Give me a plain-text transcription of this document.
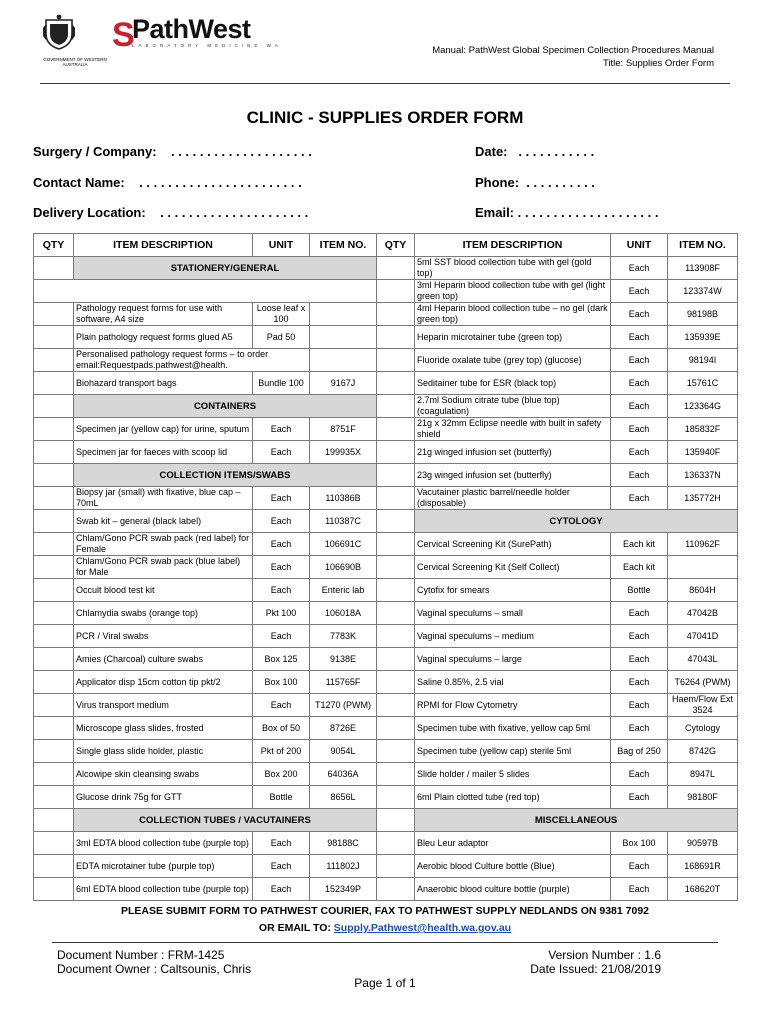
GOVERNMENT OF WESTERN AUSTRALIA
S
PathWest
LABORATORY MEDICINE WA	Manual: PathWest Global Specimen Collection Procedures Manual
Title: Supplies Order Form
CLINIC - SUPPLIES ORDER FORM
Surgery / Company:    . . . . . . . . . . . . . . . . . . . .	Date:   . . . . . . . . . . .
Contact Name:    . . . . . . . . . . . . . . . . . . . . . . .	Phone:  . . . . . . . . . .
Delivery Location:    . . . . . . . . . . . . . . . . . . . . .	Email: . . . . . . . . . . . . . . . . . . . .
QTY	ITEM DESCRIPTION	UNIT	ITEM NO.	QTY	ITEM DESCRIPTION	UNIT	ITEM NO.

	STATIONERY/GENERAL				5ml SST blood collection tube with gel (gold top)	Each	113908F

					3ml Heparin blood collection tube with gel (light green top)	Each	123374W

	Pathology request forms for use with software, A4 size	Loose leaf x 100			4ml Heparin blood collection tube – no gel (dark green top)	Each	98198B

	Plain pathology request forms glued A5	Pad 50			Heparin microtainer tube (green top)	Each	135939E

	Personalised pathology request forms – to order email:Requestpads.pathwest@health.				Fluoride oxalate tube (grey top) (glucose)	Each	98194I

	Biohazard transport bags	Bundle 100	9167J		Seditainer tube for ESR (black top)	Each	15761C

	CONTAINERS				2.7ml Sodium citrate tube (blue top) (coagulation)	Each	123364G

	Specimen jar (yellow cap) for urine, sputum	Each	8751F		21g x 32mm Eclipse needle with built in safety shield	Each	185832F

	Specimen jar for faeces with scoop lid	Each	199935X		21g winged infusion set (butterfly)	Each	135940F

	COLLECTION ITEMS/SWABS				23g winged infusion set (butterfly)	Each	136337N

	Biopsy jar (small) with fixative, blue cap – 70mL	Each	110386B		Vacutainer plastic barrel/needle holder (disposable)	Each	135772H

	Swab kit – general (black label)	Each	110387C		CYTOLOGY		

	Chlam/Gono PCR swab pack (red label) for Female	Each	106691C		Cervical Screening Kit (SurePath)	Each kit	110962F

	Chlam/Gono PCR swab pack (blue label) for Male	Each	106690B		Cervical Screening Kit (Self Collect)	Each kit	

	Occult blood test kit	Each	Enteric lab		Cytofix for smears	Bottle	8604H

	Chlamydia swabs (orange top)	Pkt 100	106018A		Vaginal speculums – small	Each	47042B

	PCR / Viral swabs	Each	7783K		Vaginal speculums – medium	Each	47041D

	Amies (Charcoal) culture swabs	Box 125	9138E		Vaginal speculums – large	Each	47043L

	Applicator disp 15cm cotton tip pkt/2	Box 100	115765F		Saline 0.85%, 2.5 vial	Each	T6264 (PWM)

	Virus transport medium	Each	T1270 (PWM)		RPMI for Flow Cytometry	Each	Haem/Flow Ext 3524

	Microscope glass slides, frosted	Box of 50	8726E		Specimen tube with fixative, yellow cap 5ml	Each	Cytology

	Single glass slide holder, plastic	Pkt of 200	9054L		Specimen tube (yellow cap) sterile 5ml	Bag of 250	8742G

	Alcowipe skin cleansing swabs	Box 200	64036A		Slide holder / mailer 5 slides	Each	8947L

	Glucose drink 75g for GTT	Bottle	8656L		6ml Plain clotted tube (red top)	Each	98180F

	COLLECTION TUBES / VACUTAINERS				MISCELLANEOUS		

	3ml EDTA blood collection tube (purple top)	Each	98188C		Bleu Leur adaptor	Box 100	90597B

	EDTA microtainer tube (purple top)	Each	111802J		Aerobic blood Culture bottle (Blue)	Each	168691R

	6ml EDTA blood collection tube (purple top)	Each	152349P		Anaerobic blood culture bottle (purple)	Each	168620T
PLEASE SUBMIT FORM TO PATHWEST COURIER, FAX TO PATHWEST SUPPLY NEDLANDS ON 9381 7092
OR EMAIL TO: Supply.Pathwest@health.wa.gov.au
Document Number : FRM-1425
Document Owner : Caltsounis, Chris
Version Number : 1.6
Date Issued: 21/08/2019
Page 1 of 1
